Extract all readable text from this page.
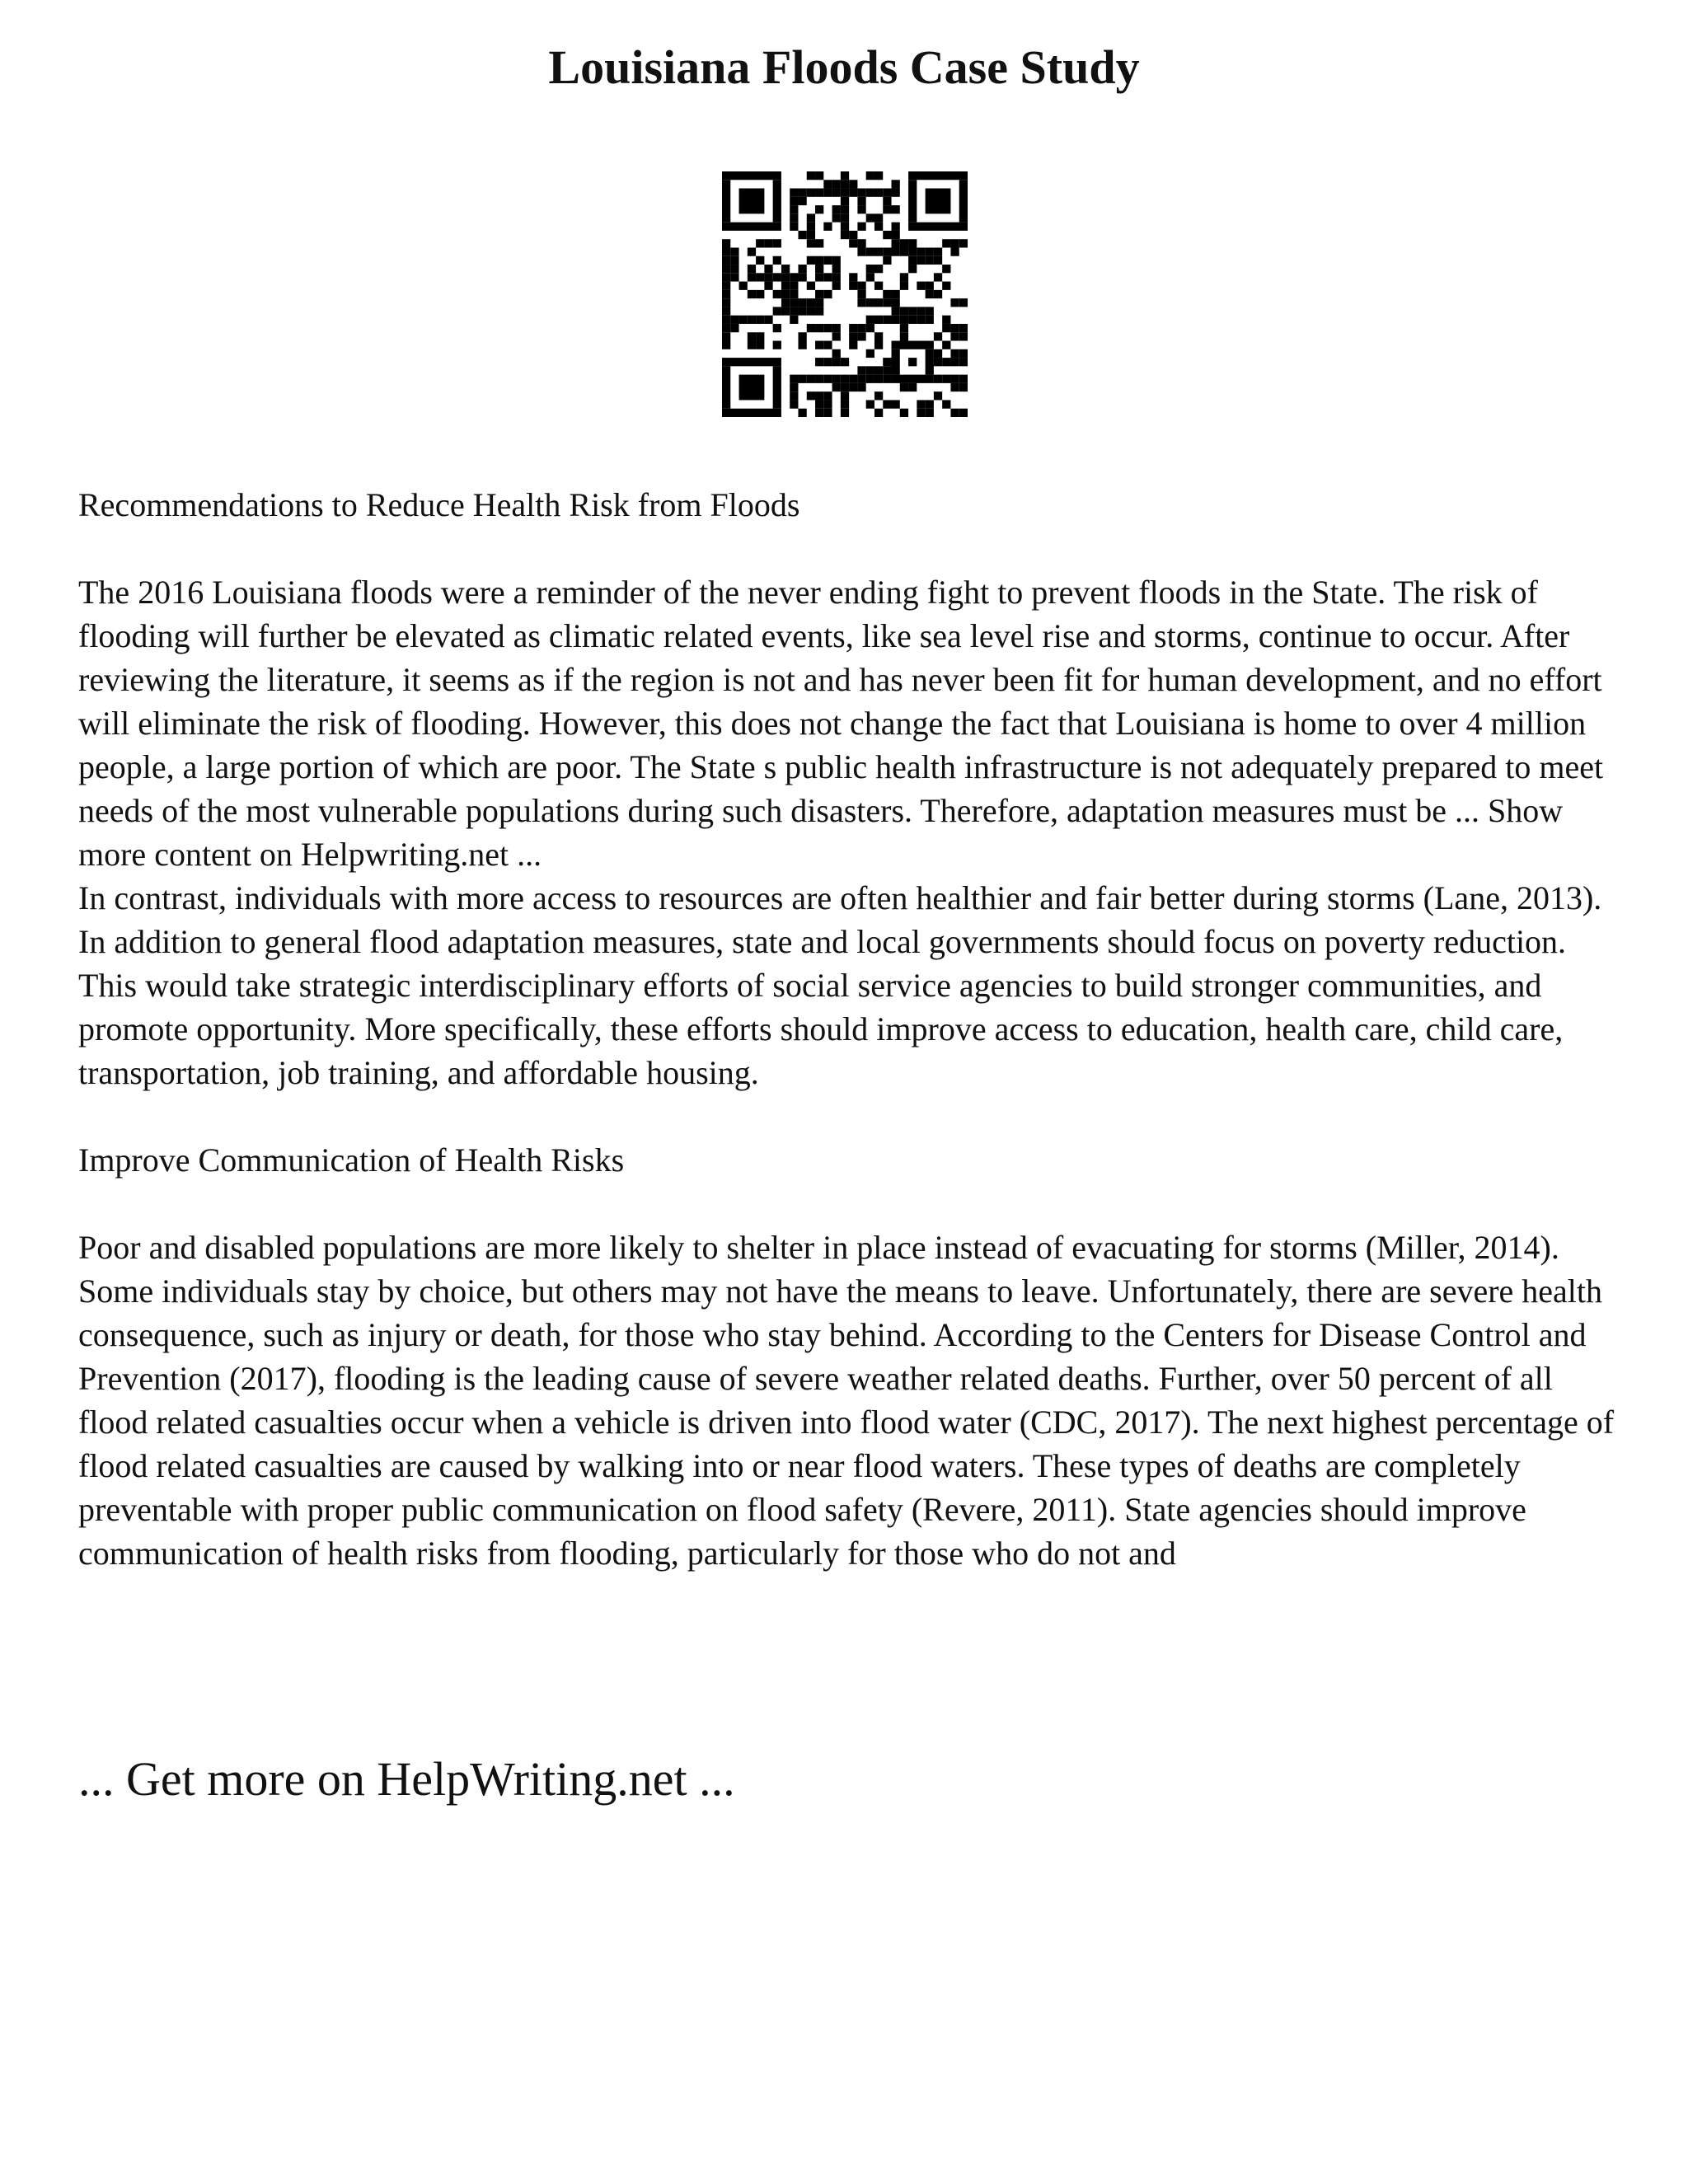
Louisiana Floods Case Study

Recommendations to Reduce Health Risk from Floods

The 2016 Louisiana floods were a reminder of the never ending fight to prevent floods in the State. The risk of flooding will further be elevated as climatic related events, like sea level rise and storms, continue to occur. After reviewing the literature, it seems as if the region is not and has never been fit for human development, and no effort will eliminate the risk of flooding. However, this does not change the fact that Louisiana is home to over 4 million people, a large portion of which are poor. The State s public health infrastructure is not adequately prepared to meet needs of the most vulnerable populations during such disasters. Therefore, adaptation measures must be ... Show more content on Helpwriting.net ...

In contrast, individuals with more access to resources are often healthier and fair better during storms (Lane, 2013). In addition to general flood adaptation measures, state and local governments should focus on poverty reduction. This would take strategic interdisciplinary efforts of social service agencies to build stronger communities, and promote opportunity. More specifically, these efforts should improve access to education, health care, child care, transportation, job training, and affordable housing.

Improve Communication of Health Risks

Poor and disabled populations are more likely to shelter in place instead of evacuating for storms (Miller, 2014). Some individuals stay by choice, but others may not have the means to leave. Unfortunately, there are severe health consequence, such as injury or death, for those who stay behind. According to the Centers for Disease Control and Prevention (2017), flooding is the leading cause of severe weather related deaths. Further, over 50 percent of all flood related casualties occur when a vehicle is driven into flood water (CDC, 2017). The next highest percentage of flood related casualties are caused by walking into or near flood waters. These types of deaths are completely preventable with proper public communication on flood safety (Revere, 2011). State agencies should improve communication of health risks from flooding, particularly for those who do not and

... Get more on HelpWriting.net ...
